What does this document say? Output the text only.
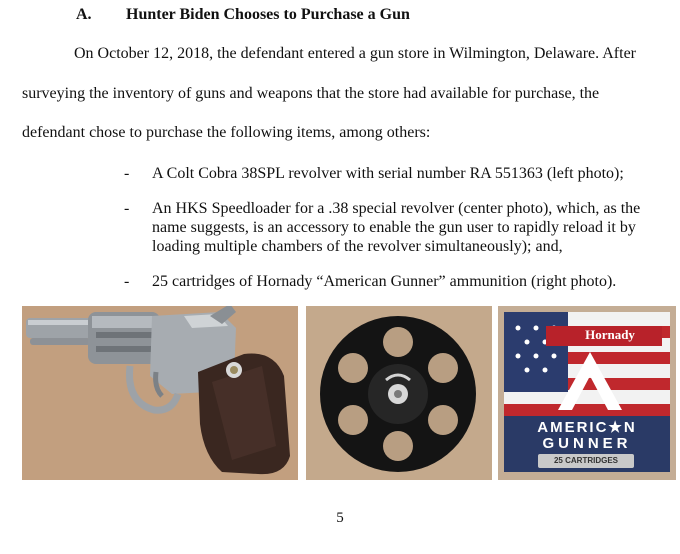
A. Hunter Biden Chooses to Purchase a Gun
On October 12, 2018, the defendant entered a gun store in Wilmington, Delaware. After
surveying the inventory of guns and weapons that the store had available for purchase, the
defendant chose to purchase the following items, among others:
- A Colt Cobra 38SPL revolver with serial number RA 551363 (left photo);
- An HKS Speedloader for a .38 special revolver (center photo), which, as the name suggests, is an accessory to enable the gun user to rapidly reload it by loading multiple chambers of the revolver simultaneously); and,
- 25 cartridges of Hornady “American Gunner” ammunition (right photo).
Hornady
AMERIC★N
GUNNER
25 CARTRIDGES
5
